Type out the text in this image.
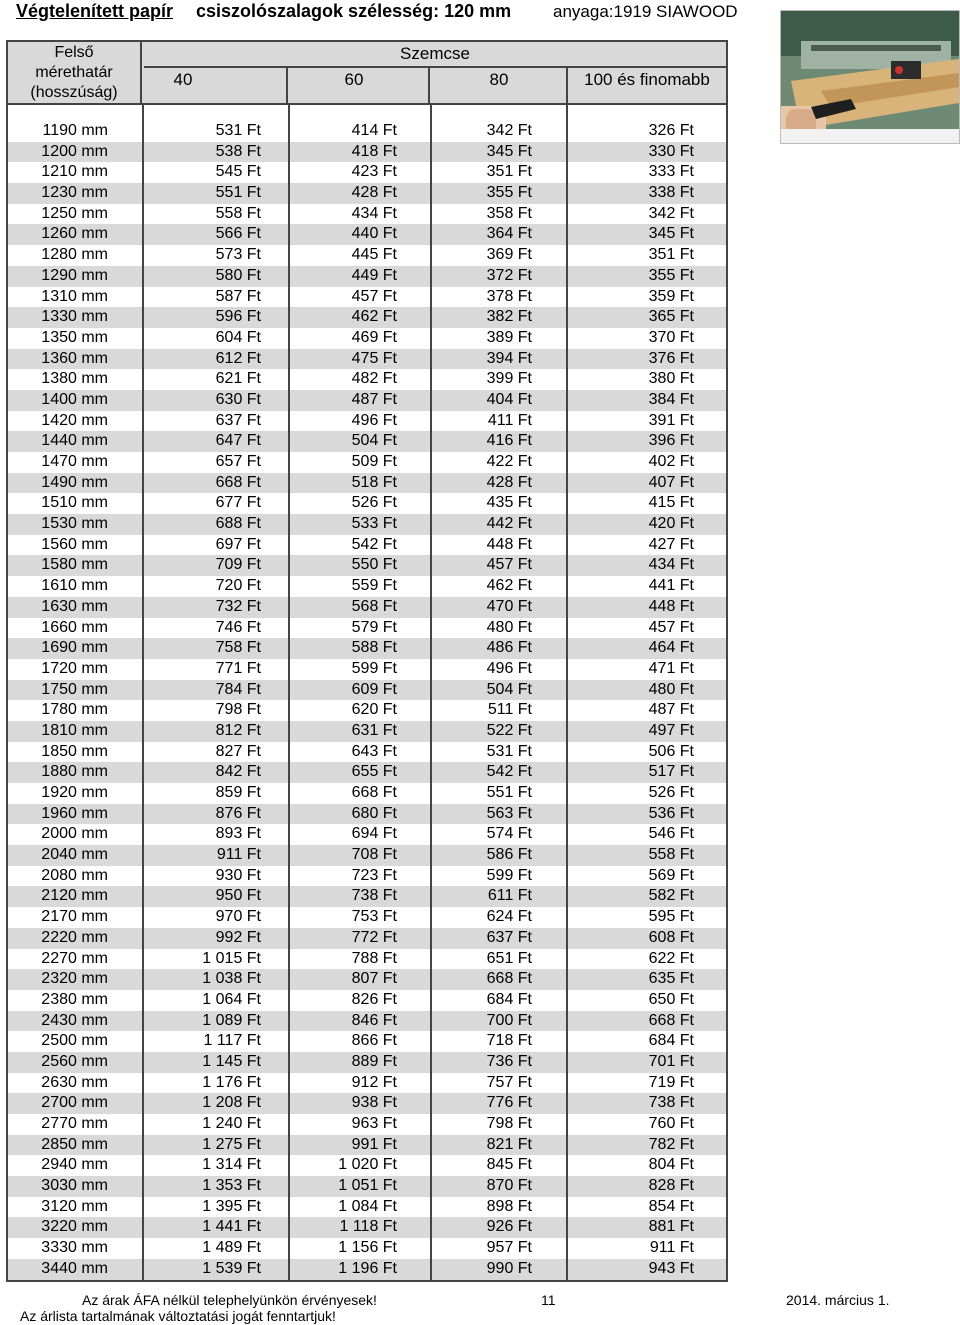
Végtelenített papír csiszolószalagok szélesség: 120 mm anyaga:1919 SIAWOOD
Felső
mérethatár
(hosszúság)
Szemcse
40	60	80	100 és finomabb
1190 mm	531 Ft	414 Ft	342 Ft	326 Ft
1200 mm	538 Ft	418 Ft	345 Ft	330 Ft
1210 mm	545 Ft	423 Ft	351 Ft	333 Ft
1230 mm	551 Ft	428 Ft	355 Ft	338 Ft
1250 mm	558 Ft	434 Ft	358 Ft	342 Ft
1260 mm	566 Ft	440 Ft	364 Ft	345 Ft
1280 mm	573 Ft	445 Ft	369 Ft	351 Ft
1290 mm	580 Ft	449 Ft	372 Ft	355 Ft
1310 mm	587 Ft	457 Ft	378 Ft	359 Ft
1330 mm	596 Ft	462 Ft	382 Ft	365 Ft
1350 mm	604 Ft	469 Ft	389 Ft	370 Ft
1360 mm	612 Ft	475 Ft	394 Ft	376 Ft
1380 mm	621 Ft	482 Ft	399 Ft	380 Ft
1400 mm	630 Ft	487 Ft	404 Ft	384 Ft
1420 mm	637 Ft	496 Ft	411 Ft	391 Ft
1440 mm	647 Ft	504 Ft	416 Ft	396 Ft
1470 mm	657 Ft	509 Ft	422 Ft	402 Ft
1490 mm	668 Ft	518 Ft	428 Ft	407 Ft
1510 mm	677 Ft	526 Ft	435 Ft	415 Ft
1530 mm	688 Ft	533 Ft	442 Ft	420 Ft
1560 mm	697 Ft	542 Ft	448 Ft	427 Ft
1580 mm	709 Ft	550 Ft	457 Ft	434 Ft
1610 mm	720 Ft	559 Ft	462 Ft	441 Ft
1630 mm	732 Ft	568 Ft	470 Ft	448 Ft
1660 mm	746 Ft	579 Ft	480 Ft	457 Ft
1690 mm	758 Ft	588 Ft	486 Ft	464 Ft
1720 mm	771 Ft	599 Ft	496 Ft	471 Ft
1750 mm	784 Ft	609 Ft	504 Ft	480 Ft
1780 mm	798 Ft	620 Ft	511 Ft	487 Ft
1810 mm	812 Ft	631 Ft	522 Ft	497 Ft
1850 mm	827 Ft	643 Ft	531 Ft	506 Ft
1880 mm	842 Ft	655 Ft	542 Ft	517 Ft
1920 mm	859 Ft	668 Ft	551 Ft	526 Ft
1960 mm	876 Ft	680 Ft	563 Ft	536 Ft
2000 mm	893 Ft	694 Ft	574 Ft	546 Ft
2040 mm	911 Ft	708 Ft	586 Ft	558 Ft
2080 mm	930 Ft	723 Ft	599 Ft	569 Ft
2120 mm	950 Ft	738 Ft	611 Ft	582 Ft
2170 mm	970 Ft	753 Ft	624 Ft	595 Ft
2220 mm	992 Ft	772 Ft	637 Ft	608 Ft
2270 mm	1 015 Ft	788 Ft	651 Ft	622 Ft
2320 mm	1 038 Ft	807 Ft	668 Ft	635 Ft
2380 mm	1 064 Ft	826 Ft	684 Ft	650 Ft
2430 mm	1 089 Ft	846 Ft	700 Ft	668 Ft
2500 mm	1 117 Ft	866 Ft	718 Ft	684 Ft
2560 mm	1 145 Ft	889 Ft	736 Ft	701 Ft
2630 mm	1 176 Ft	912 Ft	757 Ft	719 Ft
2700 mm	1 208 Ft	938 Ft	776 Ft	738 Ft
2770 mm	1 240 Ft	963 Ft	798 Ft	760 Ft
2850 mm	1 275 Ft	991 Ft	821 Ft	782 Ft
2940 mm	1 314 Ft	1 020 Ft	845 Ft	804 Ft
3030 mm	1 353 Ft	1 051 Ft	870 Ft	828 Ft
3120 mm	1 395 Ft	1 084 Ft	898 Ft	854 Ft
3220 mm	1 441 Ft	1 118 Ft	926 Ft	881 Ft
3330 mm	1 489 Ft	1 156 Ft	957 Ft	911 Ft
3440 mm	1 539 Ft	1 196 Ft	990 Ft	943 Ft
Az árak ÁFA nélkül telephelyünkön érvényesek!	11	2014. március 1.
Az árlista tartalmának változtatási jogát fenntartjuk!
